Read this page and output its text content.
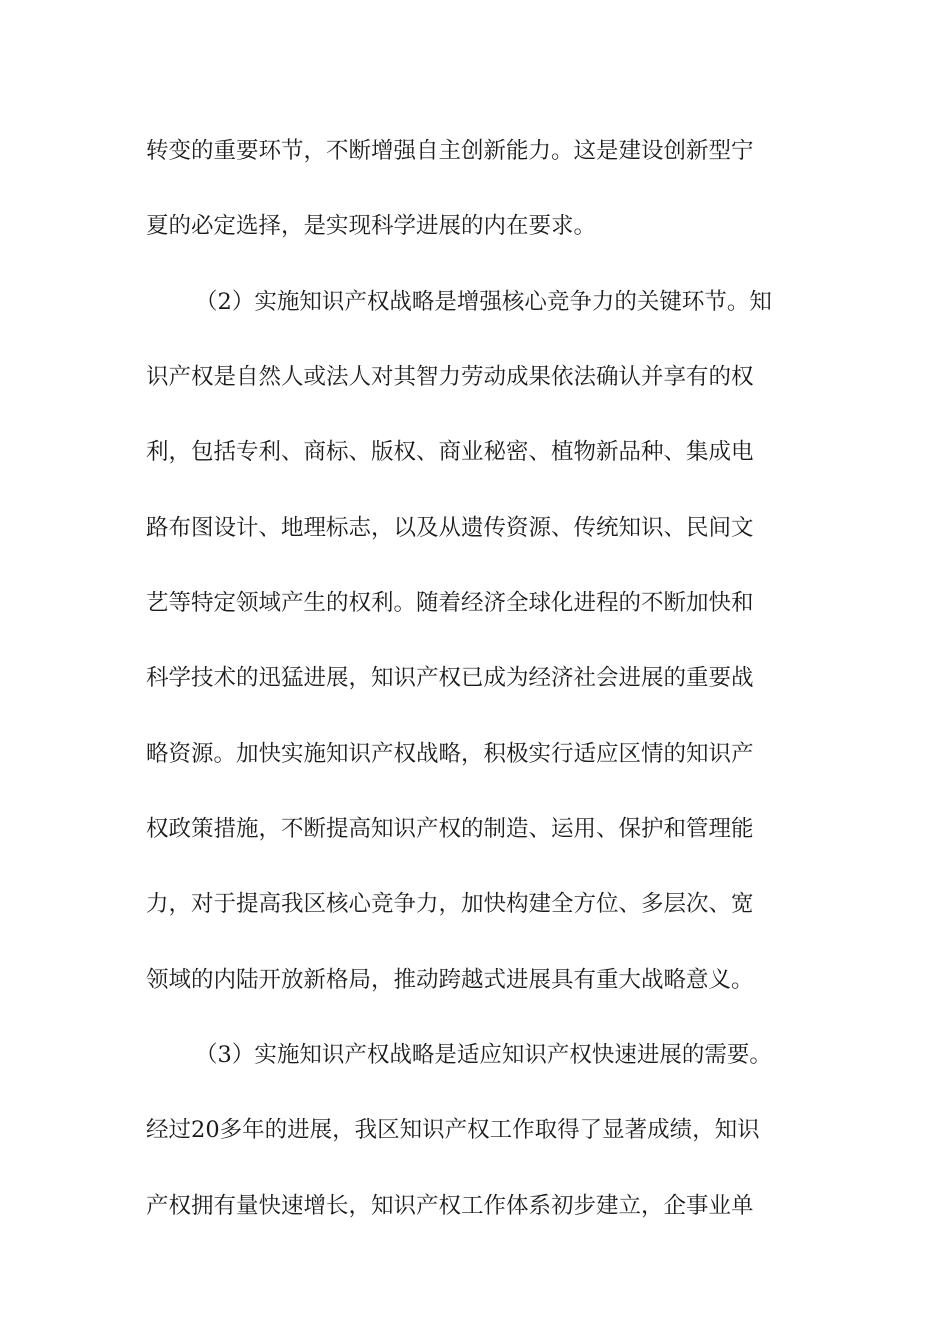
转变的重要环节，不断增强自主创新能力。这是建设创新型宁
夏的必定选择，是实现科学进展的内在要求。
（2）实施知识产权战略是增强核心竞争力的关键环节。知
识产权是自然人或法人对其智力劳动成果依法确认并享有的权
利，包括专利、商标、版权、商业秘密、植物新品种、集成电
路布图设计、地理标志，以及从遗传资源、传统知识、民间文
艺等特定领域产生的权利。随着经济全球化进程的不断加快和
科学技术的迅猛进展，知识产权已成为经济社会进展的重要战
略资源。加快实施知识产权战略，积极实行适应区情的知识产
权政策措施，不断提高知识产权的制造、运用、保护和管理能
力，对于提高我区核心竞争力，加快构建全方位、多层次、宽
领域的内陆开放新格局，推动跨越式进展具有重大战略意义。
（3）实施知识产权战略是适应知识产权快速进展的需要。
经过20多年的进展，我区知识产权工作取得了显著成绩，知识
产权拥有量快速增长，知识产权工作体系初步建立，企事业单
